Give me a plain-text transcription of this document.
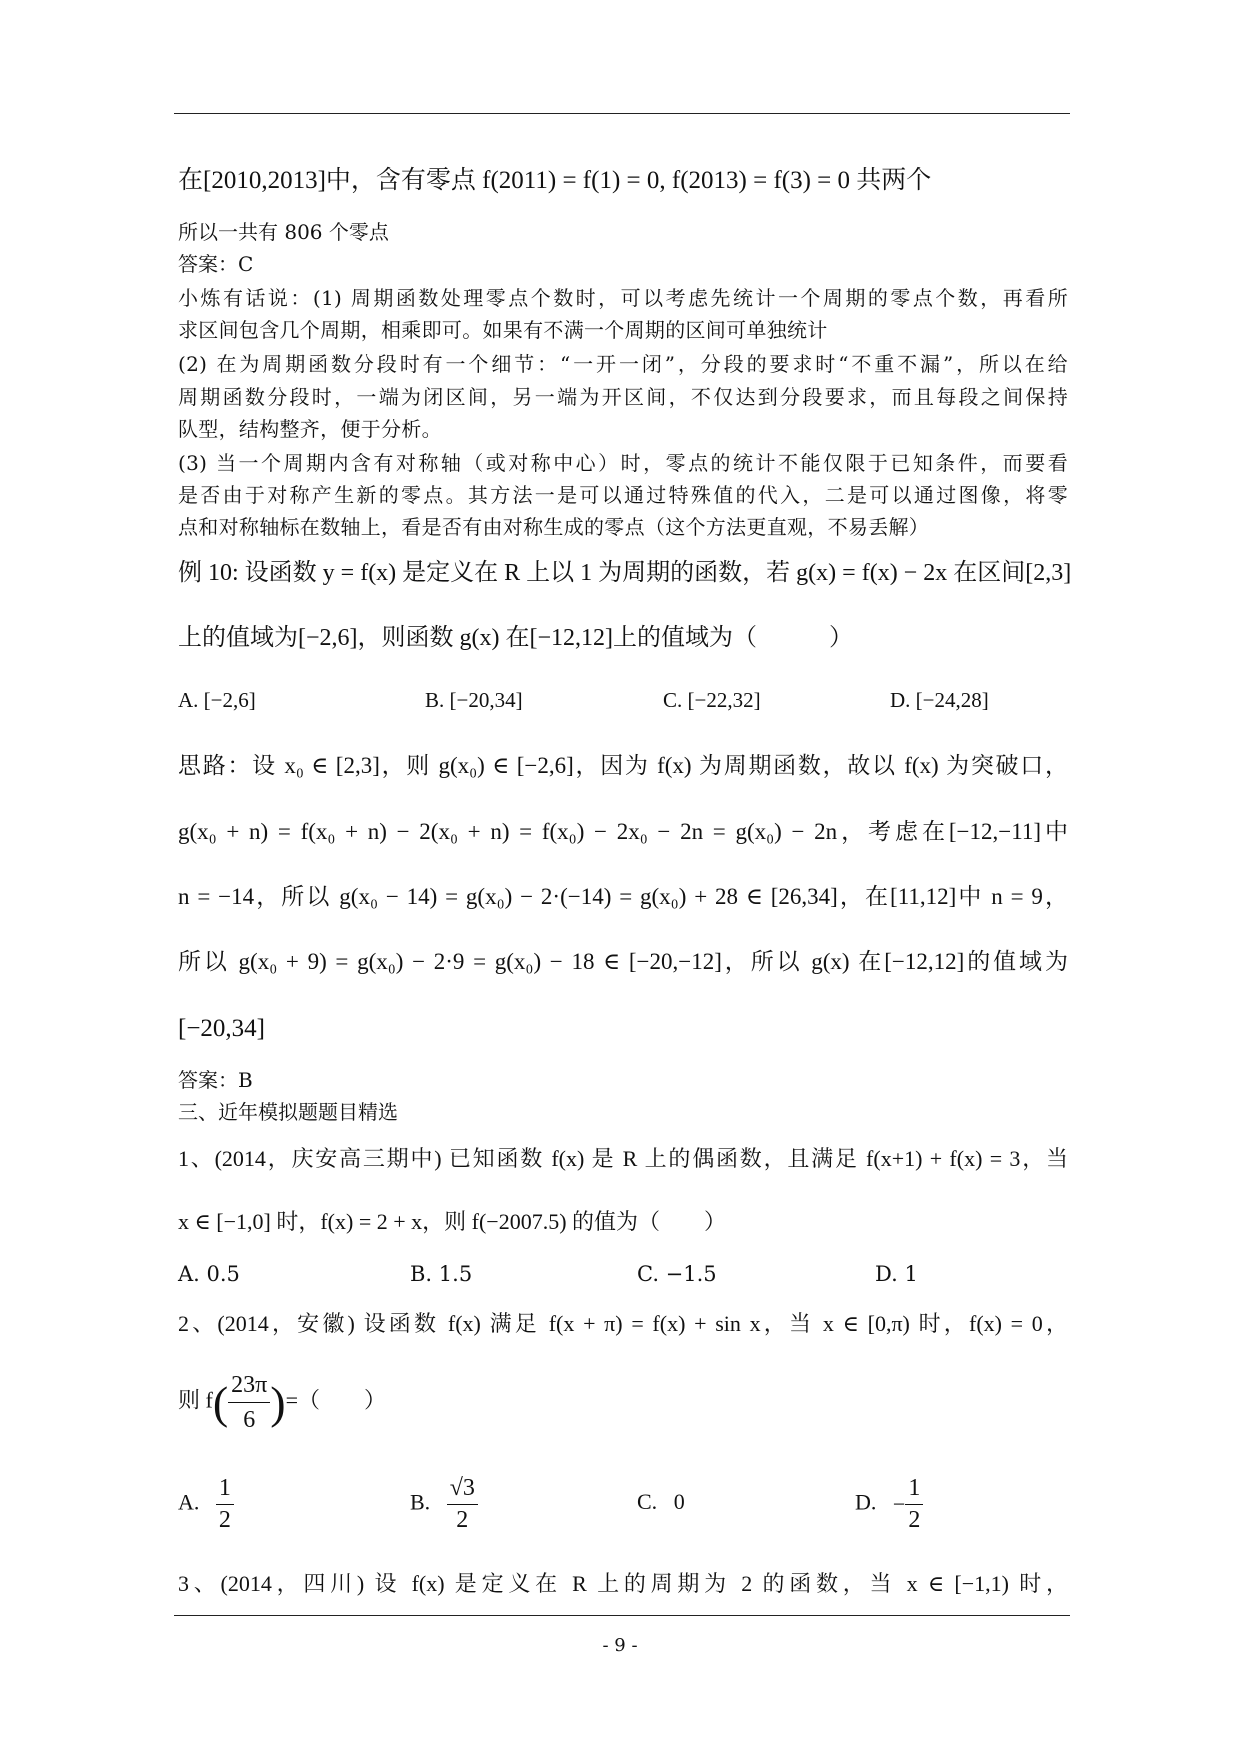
在[2010,2013]中，含有零点 f(2011) = f(1) = 0, f(2013) = f(3) = 0 共两个
所以一共有 806 个零点
答案：C
小炼有话说：(1) 周期函数处理零点个数时，可以考虑先统计一个周期的零点个数，再看所
求区间包含几个周期，相乘即可。如果有不满一个周期的区间可单独统计
(2) 在为周期函数分段时有一个细节：“一开一闭”，分段的要求时“不重不漏”，所以在给
周期函数分段时，一端为闭区间，另一端为开区间，不仅达到分段要求，而且每段之间保持
队型，结构整齐，便于分析。
(3) 当一个周期内含有对称轴（或对称中心）时，零点的统计不能仅限于已知条件，而要看
是否由于对称产生新的零点。其方法一是可以通过特殊值的代入，二是可以通过图像，将零
点和对称轴标在数轴上，看是否有由对称生成的零点（这个方法更直观，不易丢解）
例 10: 设函数 y = f(x) 是定义在 R 上以 1 为周期的函数，若 g(x) = f(x) − 2x 在区间[2,3]
上的值域为[−2,6]，则函数 g(x) 在[−12,12]上的值域为（　　　）
A. [−2,6]	B. [−20,34]	C. [−22,32]	D. [−24,28]
思路：设 x₀ ∈ [2,3]，则 g(x₀) ∈ [−2,6]，因为 f(x) 为周期函数，故以 f(x) 为突破口，
g(x₀ + n) = f(x₀ + n) − 2(x₀ + n) = f(x₀) − 2x₀ − 2n = g(x₀) − 2n，考虑在[−12,−11]中
n = −14，所以 g(x₀ − 14) = g(x₀) − 2·(−14) = g(x₀) + 28 ∈ [26,34]，在[11,12]中 n = 9，
所以 g(x₀ + 9) = g(x₀) − 2·9 = g(x₀) − 18 ∈ [−20,−12]，所以 g(x) 在[−12,12]的值域为
[−20,34]
答案：B
三、近年模拟题题目精选
1、(2014，庆安高三期中) 已知函数 f(x) 是 R 上的偶函数，且满足 f(x+1) + f(x) = 3，当
x ∈ [−1,0] 时，f(x) = 2 + x，则 f(−2007.5) 的值为（　　）
A. 0.5	B. 1.5	C. −1.5	D. 1
2、(2014，安徽) 设函数 f(x) 满足 f(x + π) = f(x) + sin x，当 x ∈ [0,π) 时，f(x) = 0，
则 $f( \frac{23\pi}{6}$ )=（　　）
A. $\frac{1}{2}$	B. $\frac{√3}{2}$	C. 0	D. − $\frac{1}{2}$
3、(2014，四川) 设 f(x) 是定义在 R 上的周期为 2 的函数，当 x ∈ [−1,1) 时，
- 9 -
